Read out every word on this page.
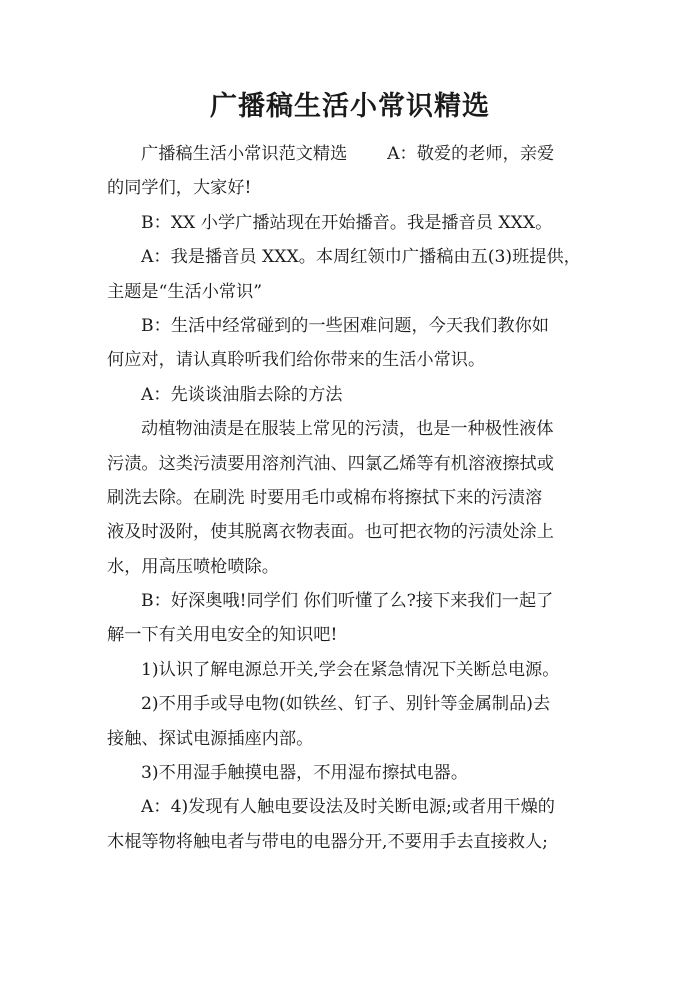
广播稿生活小常识精选

广播稿生活小常识范文精选　　 A：敬爱的老师，亲爱

的同学们，大家好!

B：XX 小学广播站现在开始播音。我是播音员 XXX。

A：我是播音员 XXX。本周红领巾广播稿由五(3)班提供，

主题是“生活小常识”

B：生活中经常碰到的一些困难问题，今天我们教你如

何应对，请认真聆听我们给你带来的生活小常识。

A：先谈谈油脂去除的方法

动植物油渍是在服装上常见的污渍，也是一种极性液体

污渍。这类污渍要用溶剂汽油、四氯乙烯等有机溶液擦拭或

刷洗去除。在刷洗 时要用毛巾或棉布将擦拭下来的污渍溶

液及时汲附，使其脱离衣物表面。也可把衣物的污渍处涂上

水，用高压喷枪喷除。

B：好深奥哦!同学们 你们听懂了么?接下来我们一起了

解一下有关用电安全的知识吧!

1)认识了解电源总开关,学会在紧急情况下关断总电源。

2)不用手或导电物(如铁丝、钉子、别针等金属制品)去

接触、探试电源插座内部。

3)不用湿手触摸电器，不用湿布擦拭电器。

A：4)发现有人触电要设法及时关断电源;或者用干燥的

木棍等物将触电者与带电的电器分开,不要用手去直接救人;
